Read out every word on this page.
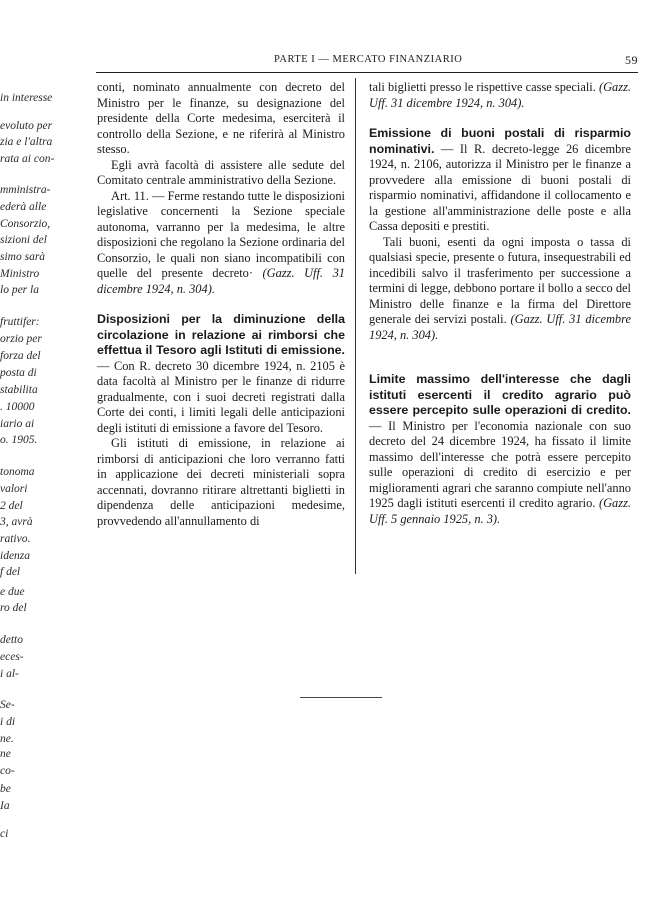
in interesse
evoluto per
zia e l'altra
rata ai con-
mministra-
ederà alle
Consorzio,
sizioni del
simo sarà
Ministro
lo per la
fruttifer:
orzio per
forza del
posta di
stabilita
. 10000
iario ai
o. 1905.
tonoma
valori
2 del
3, avrà
rativo.
idenza
f del
e due
ro del
detto
eces-
i al-
Se-
i di
ne.
ne
co-
be
Ia
ci
PARTE I — MERCATO FINANZIARIO	59

conti, nominato annualmente con decreto del Ministro per le finanze, su designazione del presidente della Corte medesima, eserciterà il controllo della Sezione, e ne riferirà al Ministro stesso.

Egli avrà facoltà di assistere alle sedute del Comitato centrale amministrativo della Sezione.

Art. 11. — Ferme restando tutte le disposizioni legislative concernenti la Sezione speciale autonoma, varranno per la medesima, le altre disposizioni che regolano la Sezione ordinaria del Consorzio, le quali non siano incompatibili con quelle del presente decreto· (Gazz. Uff. 31 dicembre 1924, n. 304).

Disposizioni per la diminuzione della circolazione in relazione ai rimborsi che effettua il Tesoro agli Istituti di emissione. — Con R. decreto 30 dicembre 1924, n. 2105 è data facoltà al Ministro per le finanze di ridurre gradualmente, con i suoi decreti registrati dalla Corte dei conti, i limiti legali delle anticipazioni degli istituti di emissione a favore del Tesoro.

Gli istituti di emissione, in relazione ai rimborsi di anticipazioni che loro verranno fatti in applicazione dei decreti ministeriali sopra accennati, dovranno ritirare altrettanti biglietti in dipendenza delle anticipazioni medesime, provvedendo all'annullamento di

tali biglietti presso le rispettive casse speciali. (Gazz. Uff. 31 dicembre 1924, n. 304).

Emissione di buoni postali di risparmio nominativi. — Il R. decreto-legge 26 dicembre 1924, n. 2106, autorizza il Ministro per le finanze a provvedere alla emissione di buoni postali di risparmio nominativi, affidandone il collocamento e la gestione all'amministrazione delle poste e alla Cassa depositi e prestiti.

Tali buoni, esenti da ogni imposta o tassa di qualsiasi specie, presente o futura, insequestrabili ed incedibili salvo il trasferimento per successione a termini di legge, debbono portare il bollo a secco del Ministro delle finanze e la firma del Direttore generale dei servizi postali. (Gazz. Uff. 31 dicembre 1924, n. 304).

Limite massimo dell'interesse che dagli istituti esercenti il credito agrario può essere percepito sulle operazioni di credito. — Il Ministro per l'economia nazionale con suo decreto del 24 dicembre 1924, ha fissato il limite massimo dell'interesse che potrà essere percepito sulle operazioni di credito di esercizio e per miglioramenti agrari che saranno compiute nell'anno 1925 dagli istituti esercenti il credito agrario. (Gazz. Uff. 5 gennaio 1925, n. 3).
